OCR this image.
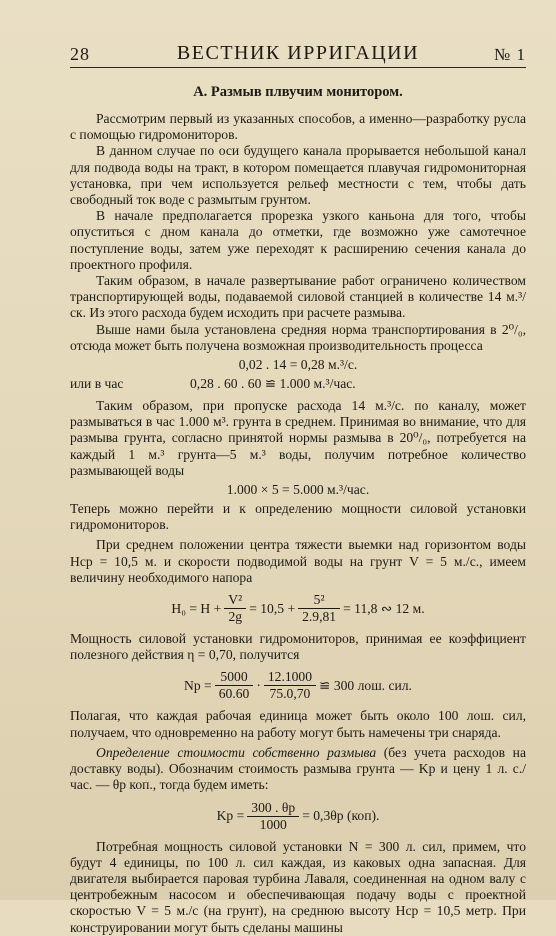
28	ВЕСТНИК ИРРИГАЦИИ	№ 1
А. Размыв плвучим монитором.

Рассмотрим первый из указанных способов, а именно—разработку русла с помощью гидромониторов.

В данном случае по оси будущего канала прорывается небольшой канал для подвода воды на тракт, в котором помещается плавучая гидромониторная установка, при чем используется рельеф местности с тем, чтобы дать свободный ток воде с размытым грунтом.

В начале предполагается прорезка узкого каньона для того, чтобы опуститься с дном канала до отметки, где возможно уже самотечное поступление воды, затем уже переходят к расширению сечения канала до проектного профиля.

Таким образом, в начале развертывание работ ограничено количеством транспортирующей воды, подаваемой силовой станцией в количестве 14 м.³/ск. Из этого расхода будем исходить при расчете размыва.

Выше нами была установлена средняя норма транспортирования в 2⁰/₀, отсюда может быть получена возможная производительность процесса

0,02 . 14 = 0,28 м.³/с.
или в час	0,28 . 60 . 60 ≌ 1.000 м.³/час.

Таким образом, при пропуске расхода 14 м.³/с. по каналу, может размываться в час 1.000 м³. грунта в среднем. Принимая во внимание, что для размыва грунта, согласно принятой нормы размыва в 20⁰/₀, потребуется на каждый 1 м.³ грунта—5 м.³ воды, получим потребное количество размывающей воды

1.000 × 5 = 5.000 м.³/час.

Теперь можно перейти и к определению мощности силовой установки гидромониторов.

При среднем положении центра тяжести выемки над горизонтом воды Hcp = 10,5 м. и скорости подводимой воды на грунт V = 5 м./с., имеем величину необходимого напора

$H_0 = H + \frac{\text{V²}}{2g} = 10,5 + \frac{\text{5²}}{2.9,81} = 11,8$ ∾ 12 м.

Мощность силовой установки гидромониторов, принимая ее коэффициент полезного действия η = 0,70, получится

$Np = \frac{5000}{60.60} \cdot \frac{12.1000}{75.0,70}$ ≌ 300 лош. сил.

Полагая, что каждая рабочая единица может быть около 100 лош. сил, получаем, что одновременно на работу могут быть намечены три снаряда.

Определение стоимости собственно размыва (без учета расходов на доставку воды). Обозначим стоимость размыва грунта — Kp и цену 1 л. с./час. — θp коп., тогда будем иметь:

$Kp = \frac{300 . \theta p}{1000} = 0,3\theta p$ (коп).

Потребная мощность силовой установки N = 300 л. сил, примем, что будут 4 единицы, по 100 л. сил каждая, из каковых одна запасная. Для двигателя выбирается паровая турбина Лаваля, соединенная на одном валу с центробежным насосом и обеспечивающая подачу воды с проектной скоростью V = 5 м./с (на грунт), на среднюю высоту Hcp = 10,5 метр. При конструировании могут быть сделаны машины
